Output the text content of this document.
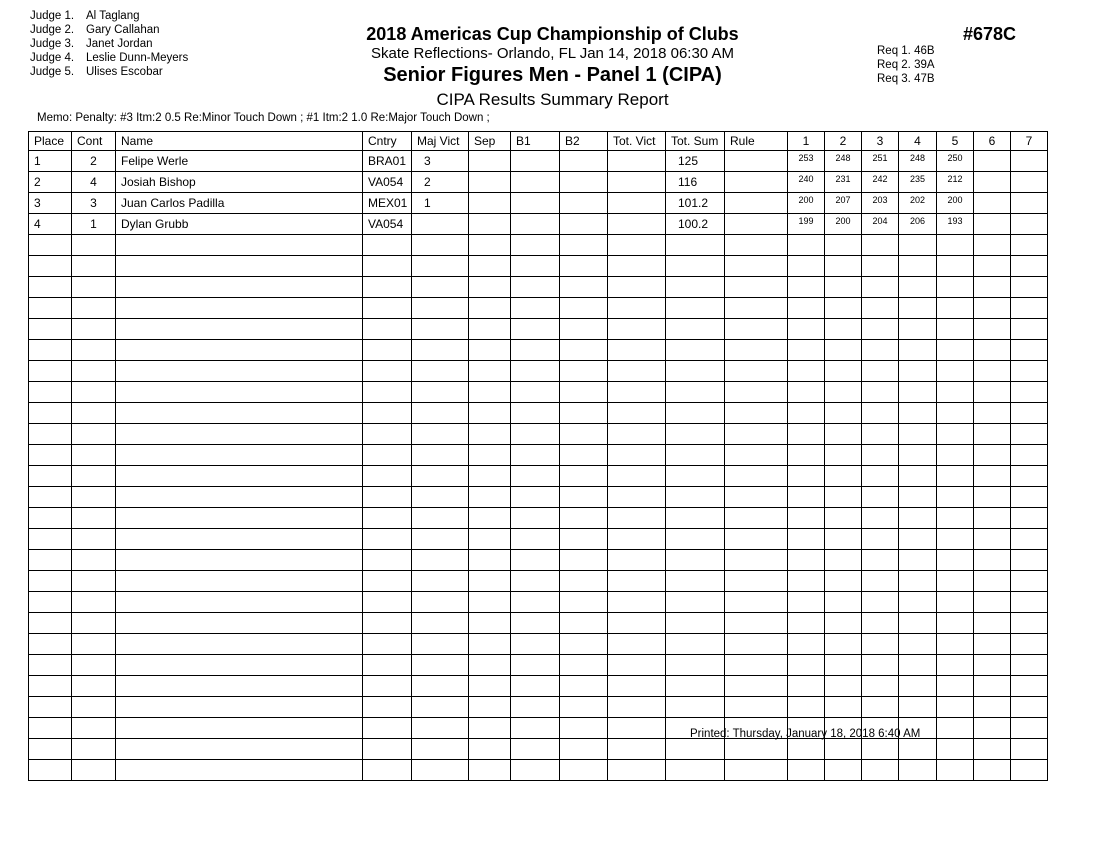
Judge 1. Al Taglang
Judge 2. Gary Callahan
Judge 3. Janet Jordan
Judge 4. Leslie Dunn-Meyers
Judge 5. Ulises Escobar
2018 Americas Cup Championship of Clubs
Skate Reflections- Orlando, FL Jan 14, 2018 06:30 AM
Senior Figures Men - Panel 1 (CIPA)
CIPA Results Summary Report
#678C
Req 1. 46B
Req 2. 39A
Req 3. 47B
Memo: Penalty: #3 Itm:2 0.5 Re:Minor Touch Down ; #1 Itm:2 1.0 Re:Major Touch Down ;
Place	Cont	Name	Cntry	Maj Vict	Sep	B1	B2	Tot. Vict	Tot. Sum	Rule	1	2	3	4	5	6	7
1	2	Felipe Werle	BRA01	3					125		253	248	251	248	250		
2	4	Josiah Bishop	VA054	2					116		240	231	242	235	212		
3	3	Juan Carlos Padilla	MEX01	1					101.2		200	207	203	202	200		
4	1	Dylan Grubb	VA054						100.2		199	200	204	206	193		

Printed: Thursday, January 18, 2018 6:40 AM
